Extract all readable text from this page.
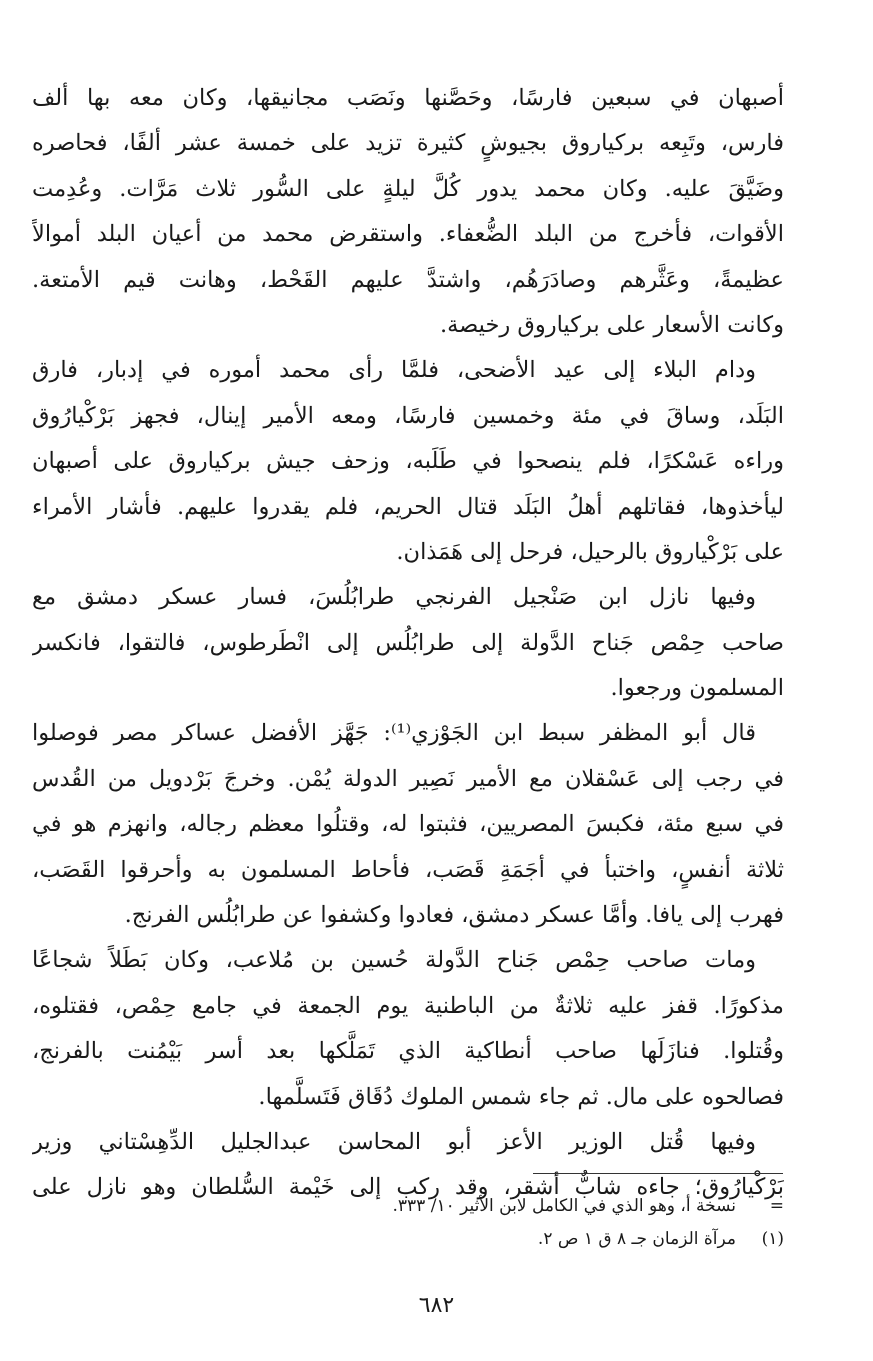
أصبهان في سبعين فارسًا، وحَصَّنها ونَصَب مجانيقها، وكان معه بها ألف
فارس، وتَبِعه بركياروق بجيوشٍ كثيرة تزيد على خمسة عشر ألفًا، فحاصره
وضَيَّقَ عليه. وكان محمد يدور كُلَّ ليلةٍ على السُّور ثلاث مَرَّات. وعُدِمت
الأقوات، فأخرج من البلد الضُّعفاء. واستقرض محمد من أعيان البلد أموالاً
عظيمةً، وعَثَّرهم وصادَرَهُم، واشتدَّ عليهم القَحْط، وهانت قيم الأمتعة.
وكانت الأسعار على بركياروق رخيصة.
ودام البلاء إلى عيد الأضحى، فلمَّا رأى محمد أموره في إدبار، فارق
البَلَد، وساقَ في مئة وخمسين فارسًا، ومعه الأمير إينال، فجهز بَرْكْيارُوق
وراءه عَسْكرًا، فلم ينصحوا في طَلَبه، وزحف جيش بركياروق على أصبهان
ليأخذوها، فقاتلهم أهلُ البَلَد قتال الحريم، فلم يقدروا عليهم. فأشار الأمراء
على بَرْكْياروق بالرحيل، فرحل إلى هَمَذان.
وفيها نازل ابن صَنْجيل الفرنجي طرابُلُسَ، فسار عسكر دمشق مع
صاحب حِمْص جَناح الدَّولة إلى طرابُلُس إلى انْطَرطوس، فالتقوا، فانكسر
المسلمون ورجعوا.
قال أبو المظفر سبط ابن الجَوْزي⁽¹⁾: جَهَّز الأفضل عساكر مصر فوصلوا
في رجب إلى عَسْقلان مع الأمير نَصِير الدولة يُمْن. وخرجَ بَرْدويل من القُدس
في سبع مئة، فكبسَ المصريين، فثبتوا له، وقتلُوا معظم رجاله، وانهزم هو في
ثلاثة أنفسٍ، واختبأ في أجَمَةِ قَصَب، فأحاط المسلمون به وأحرقوا القَصَب،
فهرب إلى يافا. وأمَّا عسكر دمشق، فعادوا وكشفوا عن طرابُلُس الفرنج.
ومات صاحب حِمْص جَناح الدَّولة حُسين بن مُلاعب، وكان بَطَلاً شجاعًا
مذكورًا. قفز عليه ثلاثةٌ من الباطنية يوم الجمعة في جامع حِمْص، فقتلوه،
وقُتلوا. فنازَلَها صاحب أنطاكية الذي تَمَلَّكها بعد أسر بَيْمُنت بالفرنج،
فصالحوه على مال. ثم جاء شمس الملوك دُقَاق فَتَسلَّمها.
وفيها قُتل الوزير الأعز أبو المحاسن عبدالجليل الدِّهِسْتاني وزير
بَرْكْيارُوق؛ جاءه شابٌّ أشقر، وقد ركب إلى خَيْمة السُّلطان وهو نازل على
=نسخة أ، وهو الذي في الكامل لابن الأثير ١٠/ ٣٣٣.
(١)مرآة الزمان جـ ٨ ق ١ ص ٢.
٦٨٢
